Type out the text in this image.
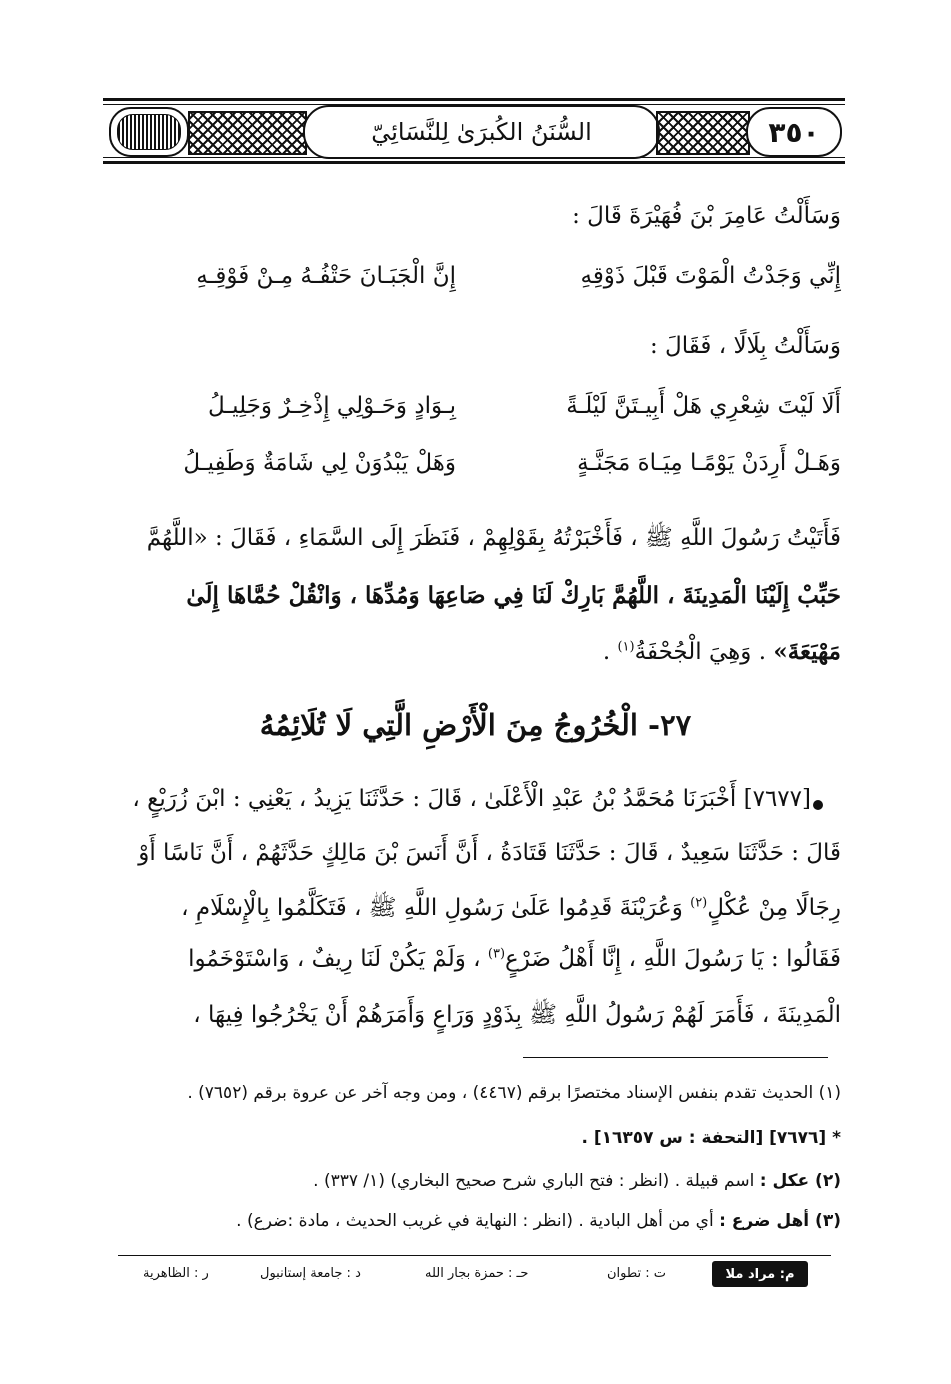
السُّنَنُ الكُبرَىٰ لِلنَّسَائِيّ	٣٥٠
وَسَأَلْتُ عَامِرَ بْنَ فُهَيْرَةَ قَالَ :
إِنِّي وَجَدْتُ الْمَوْتَ قَبْلَ ذَوْقِهِ
إِنَّ الْجَبَـانَ حَتْفُـهُ مِـنْ فَوْقِـهِ
وَسَأَلْتُ بِلَالًا ، فَقَالَ :
أَلَا لَيْتَ شِعْرِي هَلْ أَبِيـتَنَّ لَيْلَـةً
بِـوَادٍ وَحَـوْلِي إِذْخِـرٌ وَجَلِيـلُ
وَهَـلْ أَرِدَنْ يَوْمًـا مِيَـاهَ مَجَنَّـةٍ
وَهَلْ يَبْدُوَنْ لِي شَامَةٌ وَطَفِيـلُ
فَأَتَيْتُ رَسُولَ اللَّهِ ﷺ ، فَأَخْبَرْتُهُ بِقَوْلِهِمْ ، فَنَظَرَ إِلَى السَّمَاءِ ، فَقَالَ : «اللَّهُمَّ
حَبِّبْ إِلَيْنَا الْمَدِينَةَ ، اللَّهُمَّ بَارِكْ لَنَا فِي صَاعِهَا وَمُدِّهَا ، وَانْقُلْ حُمَّاهَا إِلَىٰ
مَهْيَعَةَ» . وَهِيَ الْجُحْفَةُ$^{(١)}$ .
٢٧- الْخُرُوجُ مِنَ الْأَرْضِ الَّتِي لَا تُلَائِمُهُ
[٧٦٧٧] أَخْبَرَنَا مُحَمَّدُ بْنُ عَبْدِ الْأَعْلَىٰ ، قَالَ : حَدَّثَنَا يَزِيدُ ، يَعْنِي : ابْنَ زُرَيْعٍ ،
قَالَ : حَدَّثَنَا سَعِيدٌ ، قَالَ : حَدَّثَنَا قَتَادَةُ ، أَنَّ أَنَسَ بْنَ مَالِكٍ حَدَّثَهُمْ ، أَنَّ نَاسًا أَوْ
رِجَالًا مِنْ عُكْلٍ$^{(٢)}$ وَعُرَيْنَةَ قَدِمُوا عَلَىٰ رَسُولِ اللَّهِ ﷺ ، فَتَكَلَّمُوا بِالْإِسْلَامِ ،
فَقَالُوا : يَا رَسُولَ اللَّهِ ، إِنَّا أَهْلُ ضَرْعٍ$^{(٣)}$ ، وَلَمْ يَكُنْ لَنَا رِيفٌ ، وَاسْتَوْخَمُوا
الْمَدِينَةَ ، فَأَمَرَ لَهُمْ رَسُولُ اللَّهِ ﷺ بِذَوْدٍ وَرَاعٍ وَأَمَرَهُمْ أَنْ يَخْرُجُوا فِيهَا ،
(١) الحديث تقدم بنفس الإسناد مختصرًا برقم (٤٤٦٧) ، ومن وجه آخر عن عروة برقم (٧٦٥٢) .
* [٧٦٧٦] [التحفة : س ١٦٣٥٧] .
(٢) عكل : اسم قبيلة . (انظر : فتح الباري شرح صحيح البخاري) (١/ ٣٣٧) .
(٣) أهل ضرع : أي من أهل البادية . (انظر : النهاية في غريب الحديث ، مادة :ضرع) .
م: مراد ملا
ت : تطوان
حـ : حمزة بجار الله
د : جامعة إستانبول
ر : الظاهرية
